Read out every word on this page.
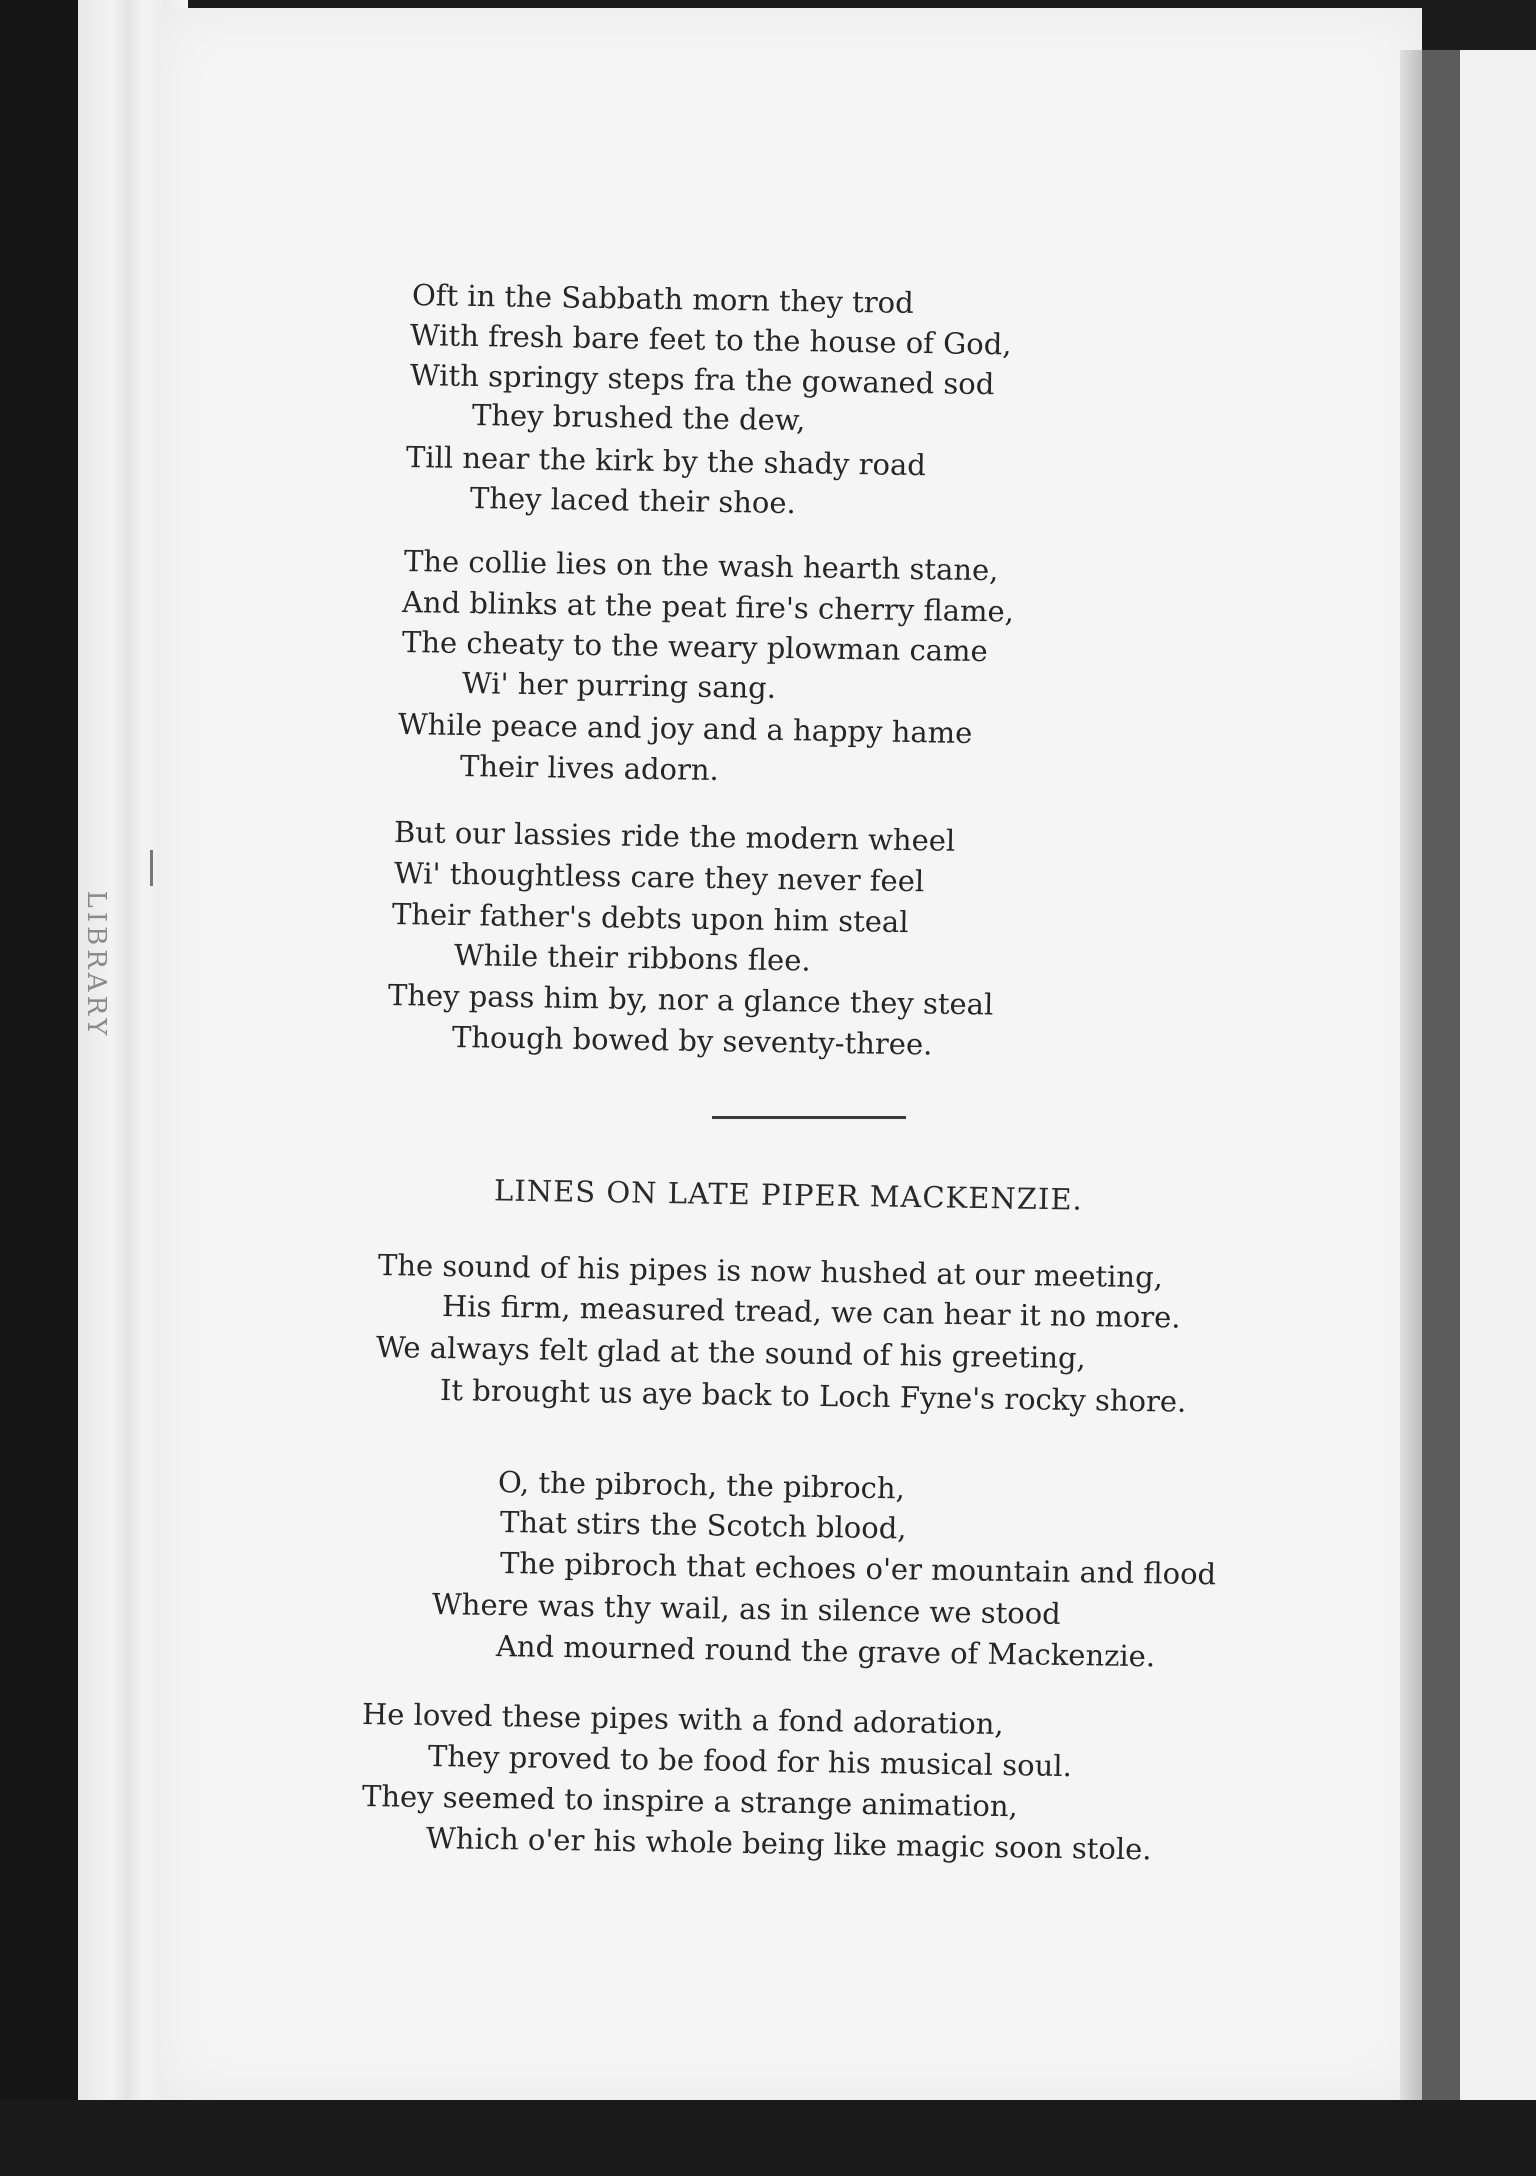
LIBRARY
Oft in the Sabbath morn they trod
With fresh bare feet to the house of God,
With springy steps fra the gowaned sod
They brushed the dew,
Till near the kirk by the shady road
They laced their shoe.
The collie lies on the wash hearth stane,
And blinks at the peat fire's cherry flame,
The cheaty to the weary plowman came
Wi' her purring sang.
While peace and joy and a happy hame
Their lives adorn.
But our lassies ride the modern wheel
Wi' thoughtless care they never feel
Their father's debts upon him steal
While their ribbons flee.
They pass him by, nor a glance they steal
Though bowed by seventy-three.
LINES ON LATE PIPER MACKENZIE.
The sound of his pipes is now hushed at our meeting,
His firm, measured tread, we can hear it no more.
We always felt glad at the sound of his greeting,
It brought us aye back to Loch Fyne's rocky shore.
O, the pibroch, the pibroch,
That stirs the Scotch blood,
The pibroch that echoes o'er mountain and flood
Where was thy wail, as in silence we stood
And mourned round the grave of Mackenzie.
He loved these pipes with a fond adoration,
They proved to be food for his musical soul.
They seemed to inspire a strange animation,
Which o'er his whole being like magic soon stole.
